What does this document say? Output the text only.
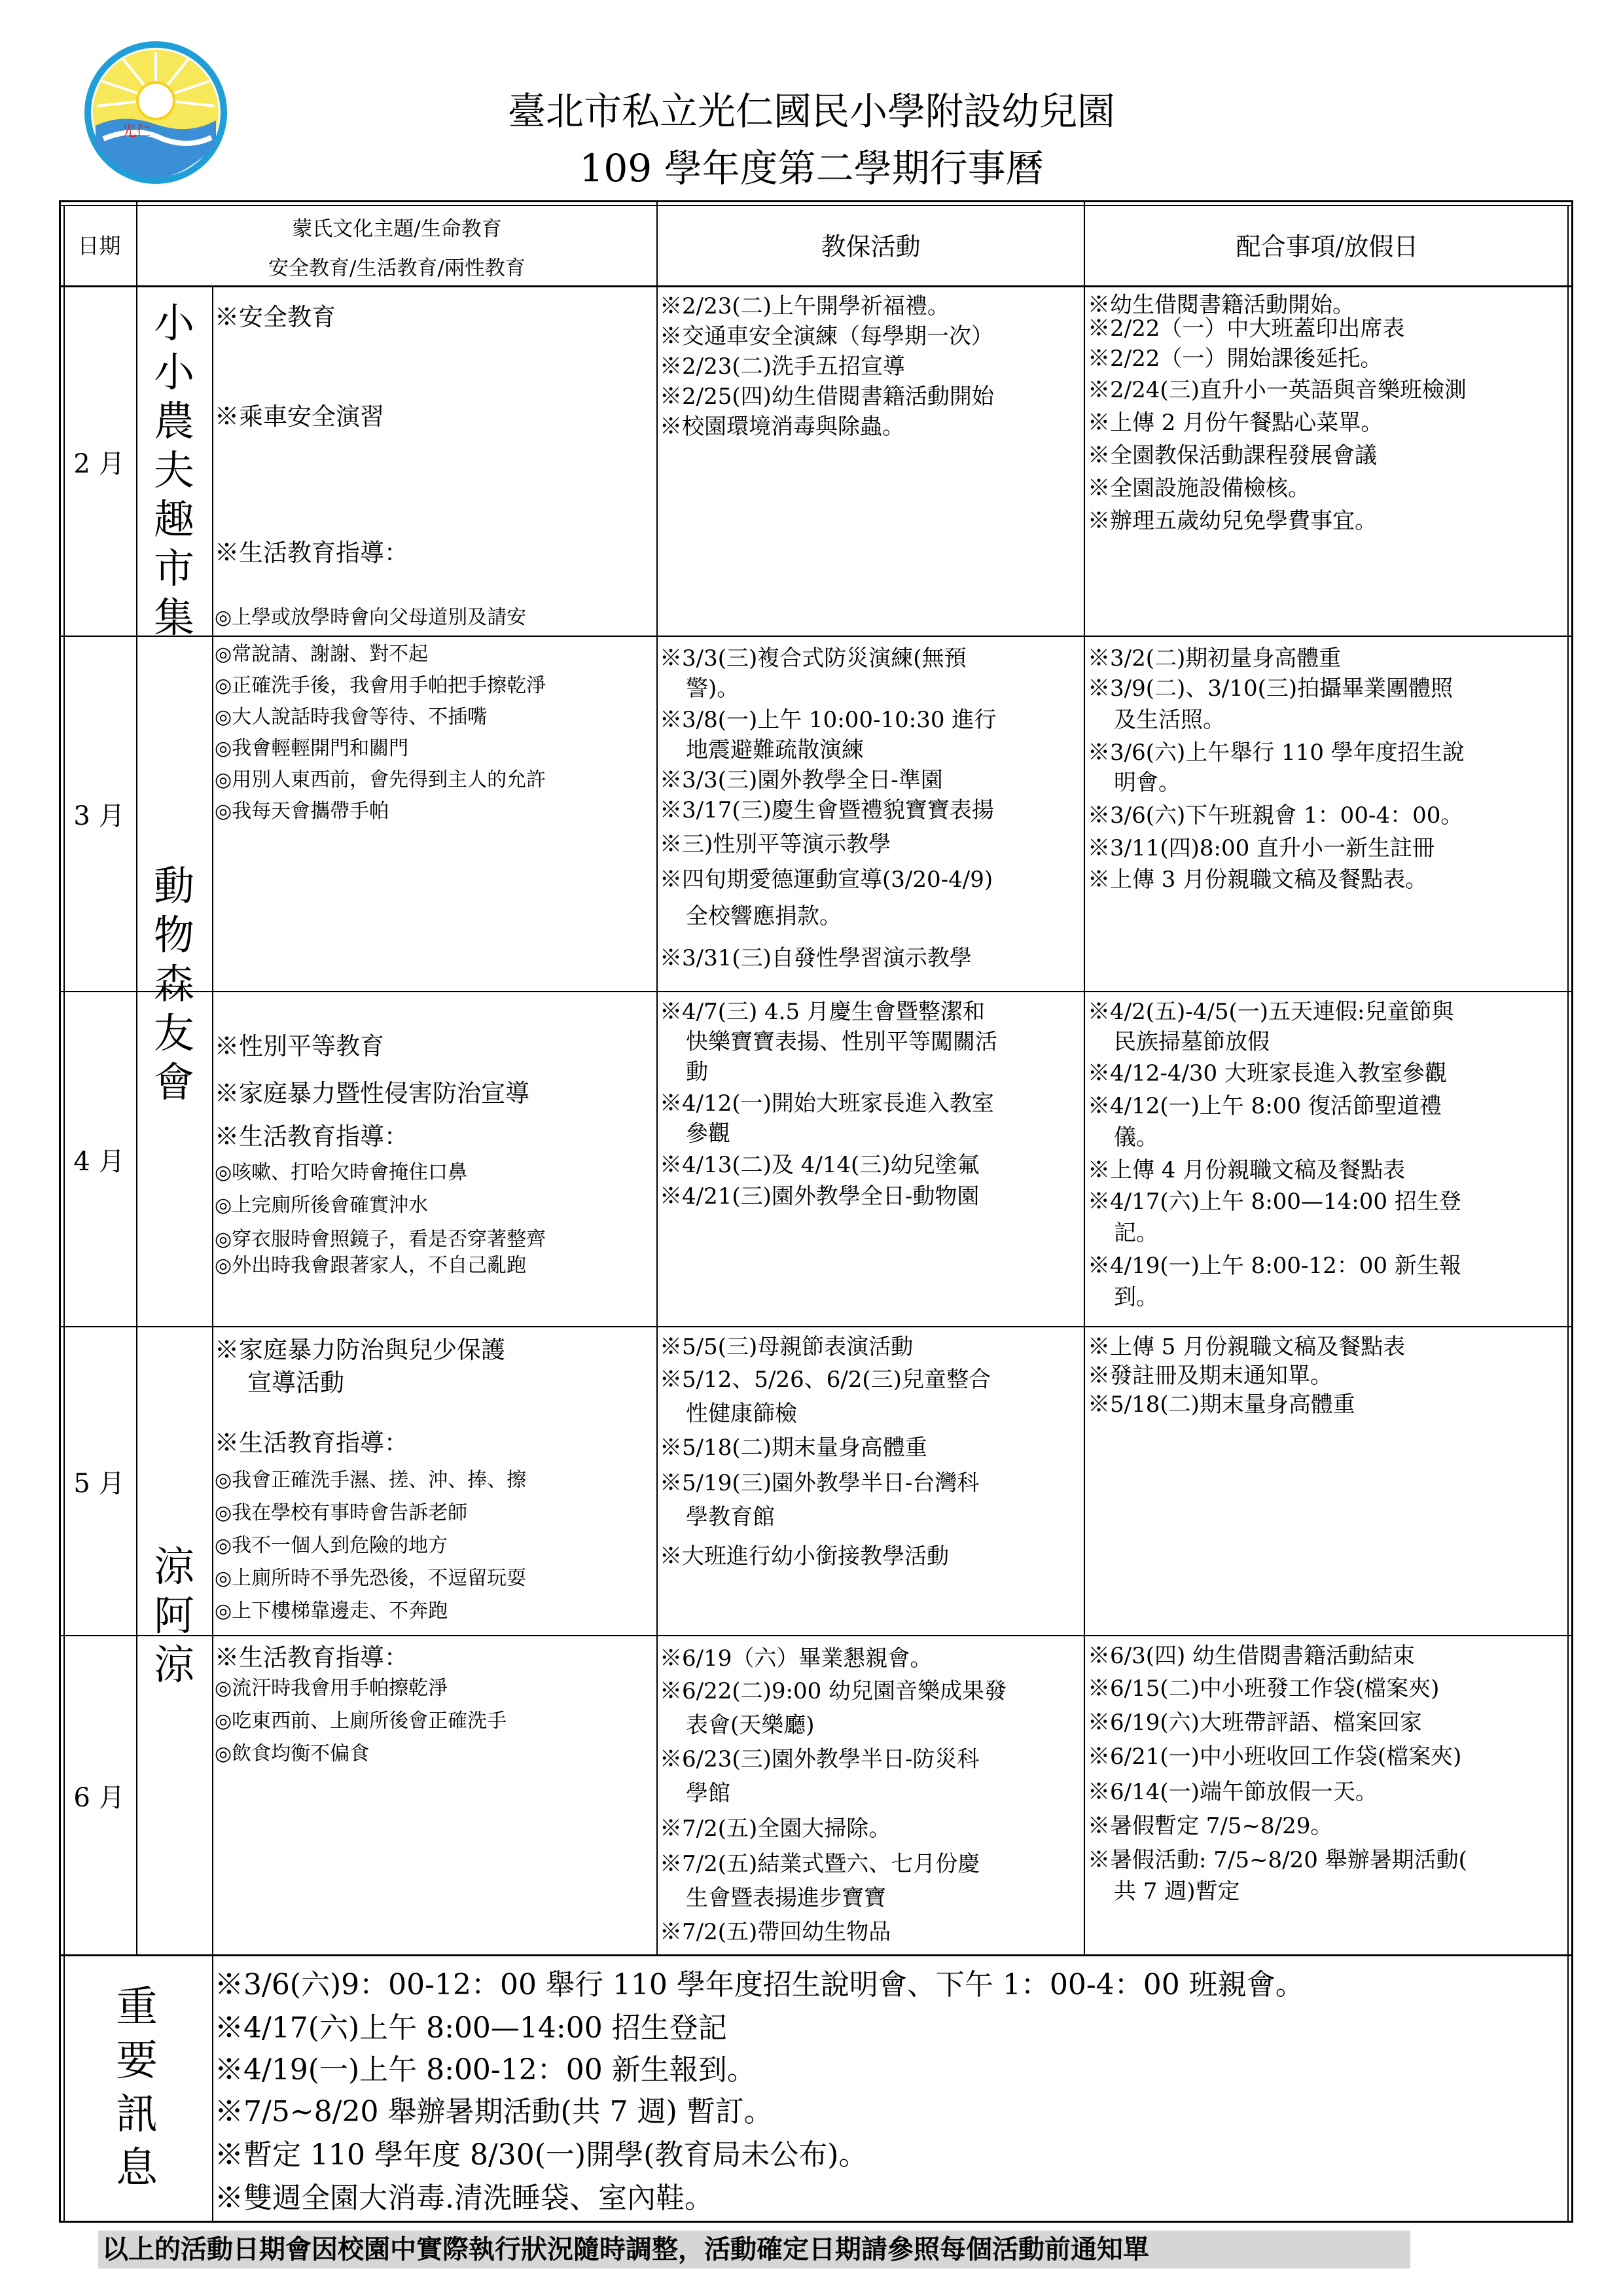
光仁	臺北市私立光仁國民小學附設幼兒園
109 學年度第二學期行事曆
日期
蒙氏文化主題/生命教育
安全教育/生活教育/兩性教育
教保活動	配合事項/放假日
2 月
3 月
4 月
5 月
6 月
小小農夫趣市集
動物森友會
涼阿涼
※安全教育
※乘車安全演習
※生活教育指導：
◎上學或放學時會向父母道別及請安
◎常說請、謝謝、對不起
◎正確洗手後，我會用手帕把手擦乾淨
◎大人說話時我會等待、不插嘴
◎我會輕輕開門和關門
◎用別人東西前，會先得到主人的允許
◎我每天會攜帶手帕
※2/23(二)上午開學祈福禮。
※交通車安全演練（每學期一次）
※2/23(二)洗手五招宣導
※2/25(四)幼生借閱書籍活動開始
※校園環境消毒與除蟲。
※幼生借閱書籍活動開始。
※2/22（一）中大班蓋印出席表
※2/22（一）開始課後延托。
※2/24(三)直升小一英語與音樂班檢測
※上傳 2 月份午餐點心菜單。
※全園教保活動課程發展會議
※全園設施設備檢核。
※辦理五歲幼兒免學費事宜。
※3/3(三)複合式防災演練(無預
警)。
※3/8(一)上午 10:00-10:30 進行
地震避難疏散演練
※3/3(三)園外教學全日-準園
※3/17(三)慶生會暨禮貌寶寶表揚
※三)性別平等演示教學
※四旬期愛德運動宣導(3/20-4/9)
全校響應捐款。
※3/31(三)自發性學習演示教學
※3/2(二)期初量身高體重
※3/9(二)、3/10(三)拍攝畢業團體照
及生活照。
※3/6(六)上午舉行 110 學年度招生說
明會。
※3/6(六)下午班親會 1：00-4：00。
※3/11(四)8:00 直升小一新生註冊
※上傳 3 月份親職文稿及餐點表。
※性別平等教育
※家庭暴力暨性侵害防治宣導
※生活教育指導：
◎咳嗽、打哈欠時會掩住口鼻
◎上完廁所後會確實沖水
◎穿衣服時會照鏡子，看是否穿著整齊
◎外出時我會跟著家人，不自己亂跑
※4/7(三) 4.5 月慶生會暨整潔和
快樂寶寶表揚、性別平等闖關活
動
※4/12(一)開始大班家長進入教室
參觀
※4/13(二)及 4/14(三)幼兒塗氟
※4/21(三)園外教學全日-動物園
※4/2(五)-4/5(一)五天連假:兒童節與
民族掃墓節放假
※4/12-4/30 大班家長進入教室參觀
※4/12(一)上午 8:00 復活節聖道禮
儀。
※上傳 4 月份親職文稿及餐點表
※4/17(六)上午 8:00—14:00 招生登
記。
※4/19(一)上午 8:00-12：00 新生報
到。
※家庭暴力防治與兒少保護
宣導活動
※生活教育指導：
◎我會正確洗手濕、搓、沖、捧、擦
◎我在學校有事時會告訴老師
◎我不一個人到危險的地方
◎上廁所時不爭先恐後，不逗留玩耍
◎上下樓梯靠邊走、不奔跑
※5/5(三)母親節表演活動
※5/12、5/26、6/2(三)兒童整合
性健康篩檢
※5/18(二)期末量身高體重
※5/19(三)園外教學半日-台灣科
學教育館
※大班進行幼小銜接教學活動
※上傳 5 月份親職文稿及餐點表
※發註冊及期末通知單。
※5/18(二)期末量身高體重
※生活教育指導：
◎流汗時我會用手帕擦乾淨
◎吃東西前、上廁所後會正確洗手
◎飲食均衡不偏食
※6/19（六）畢業懇親會。
※6/22(二)9:00 幼兒園音樂成果發
表會(天樂廳)
※6/23(三)園外教學半日-防災科
學館
※7/2(五)全園大掃除。
※7/2(五)結業式暨六、七月份慶
生會暨表揚進步寶寶
※7/2(五)帶回幼生物品
※6/3(四) 幼生借閱書籍活動結束
※6/15(二)中小班發工作袋(檔案夾)
※6/19(六)大班帶評語、檔案回家
※6/21(一)中小班收回工作袋(檔案夾)
※6/14(一)端午節放假一天。
※暑假暫定 7/5~8/29。
※暑假活動: 7/5~8/20 舉辦暑期活動(
共 7 週)暫定
重要訊息
※3/6(六)9：00-12：00 舉行 110 學年度招生說明會、下午 1：00-4：00 班親會。
※4/17(六)上午 8:00—14:00 招生登記
※4/19(一)上午 8:00-12：00 新生報到。
※7/5~8/20 舉辦暑期活動(共 7 週) 暫訂。
※暫定 110 學年度 8/30(一)開學(教育局未公布)。
※雙週全園大消毒.清洗睡袋、室內鞋。
以上的活動日期會因校園中實際執行狀況隨時調整，活動確定日期請參照每個活動前通知單
